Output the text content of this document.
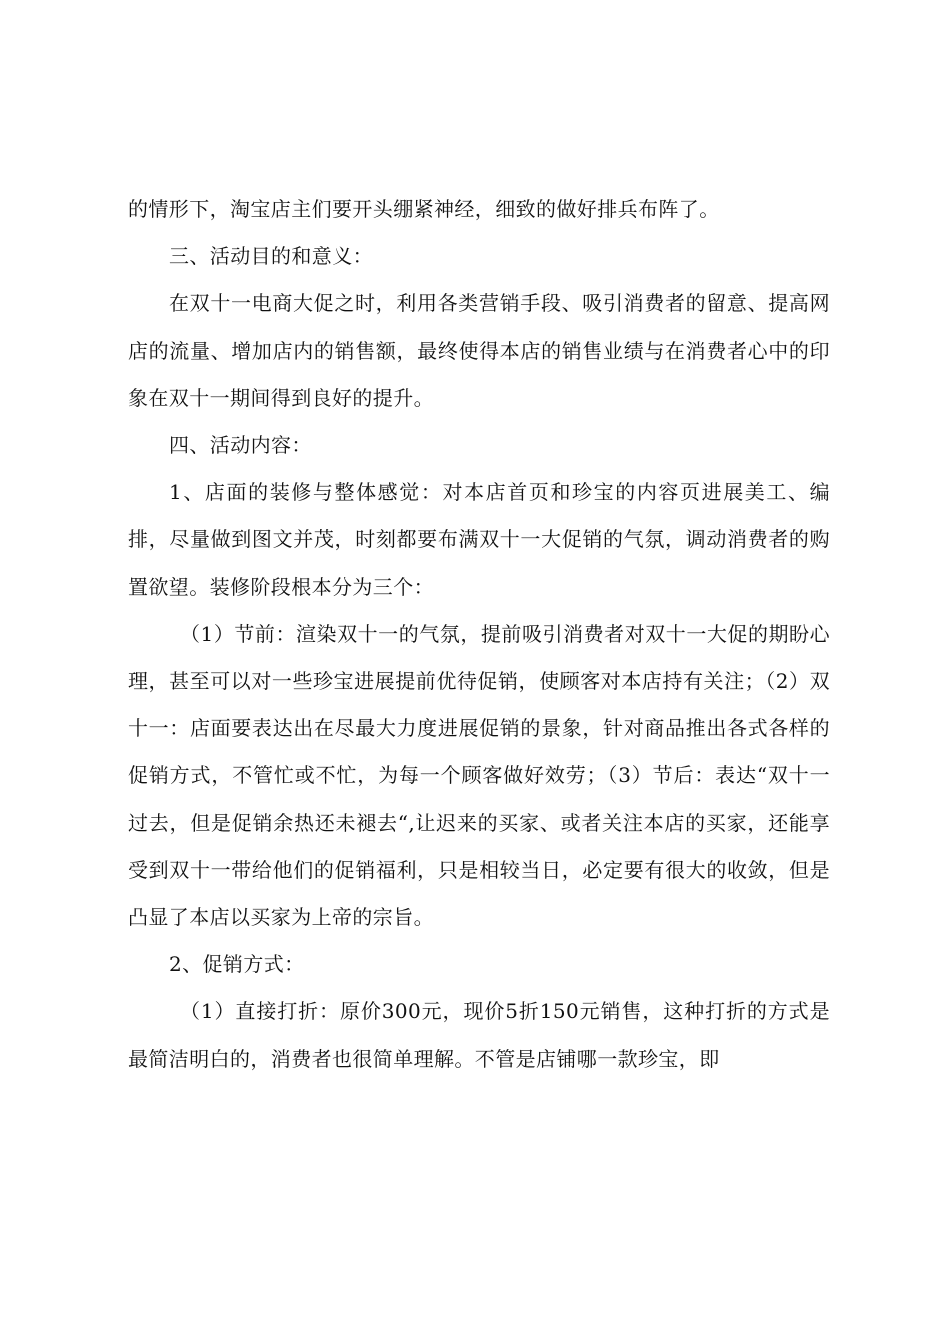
的情形下，淘宝店主们要开头绷紧神经，细致的做好排兵布阵了。

三、活动目的和意义：

在双十一电商大促之时，利用各类营销手段、吸引消费者的留意、提高网店的流量、增加店内的销售额，最终使得本店的销售业绩与在消费者心中的印象在双十一期间得到良好的提升。

四、活动内容：

1、店面的装修与整体感觉：对本店首页和珍宝的内容页进展美工、编排，尽量做到图文并茂，时刻都要布满双十一大促销的气氛，调动消费者的购置欲望。装修阶段根本分为三个：

（1）节前：渲染双十一的气氛，提前吸引消费者对双十一大促的期盼心理，甚至可以对一些珍宝进展提前优待促销，使顾客对本店持有关注；（2）双十一：店面要表达出在尽最大力度进展促销的景象，针对商品推出各式各样的促销方式，不管忙或不忙，为每一个顾客做好效劳；（3）节后：表达“双十一过去，但是促销余热还未褪去“,让迟来的买家、或者关注本店的买家，还能享受到双十一带给他们的促销福利，只是相较当日，必定要有很大的收敛，但是凸显了本店以买家为上帝的宗旨。

2、促销方式：

（1）直接打折：原价300元，现价5折150元销售，这种打折的方式是最简洁明白的，消费者也很简单理解。不管是店铺哪一款珍宝，即
